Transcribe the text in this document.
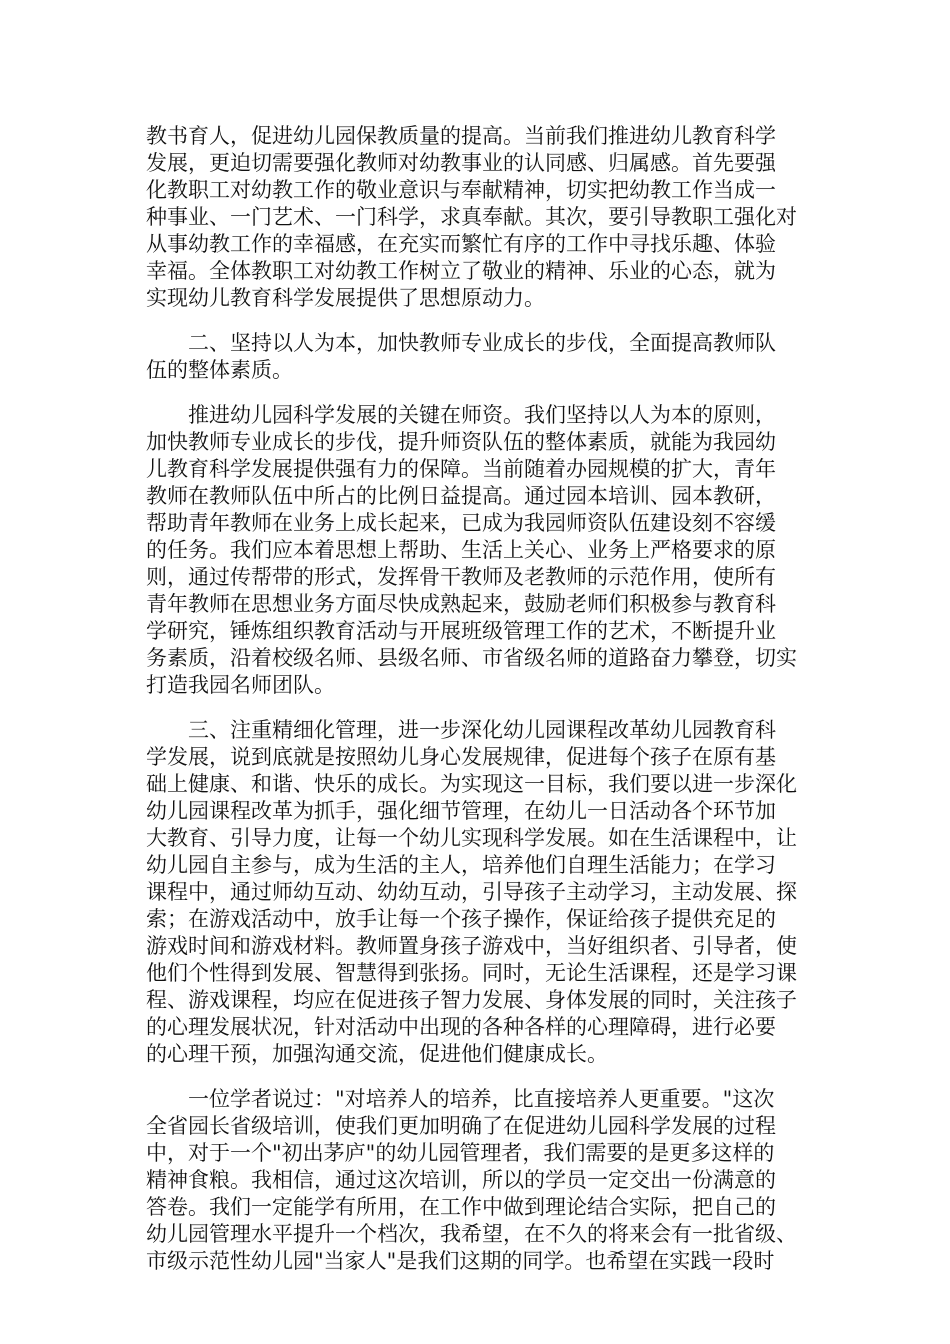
教书育人，促进幼儿园保教质量的提高。当前我们推进幼儿教育科学
发展，更迫切需要强化教师对幼教事业的认同感、归属感。首先要强
化教职工对幼教工作的敬业意识与奉献精神，切实把幼教工作当成一
种事业、一门艺术、一门科学，求真奉献。其次，要引导教职工强化对
从事幼教工作的幸福感，在充实而繁忙有序的工作中寻找乐趣、体验
幸福。全体教职工对幼教工作树立了敬业的精神、乐业的心态，就为
实现幼儿教育科学发展提供了思想原动力。
二、坚持以人为本，加快教师专业成长的步伐，全面提高教师队
伍的整体素质。
推进幼儿园科学发展的关键在师资。我们坚持以人为本的原则，
加快教师专业成长的步伐，提升师资队伍的整体素质，就能为我园幼
儿教育科学发展提供强有力的保障。当前随着办园规模的扩大，青年
教师在教师队伍中所占的比例日益提高。通过园本培训、园本教研，
帮助青年教师在业务上成长起来，已成为我园师资队伍建设刻不容缓
的任务。我们应本着思想上帮助、生活上关心、业务上严格要求的原
则，通过传帮带的形式，发挥骨干教师及老教师的示范作用，使所有
青年教师在思想业务方面尽快成熟起来，鼓励老师们积极参与教育科
学研究，锤炼组织教育活动与开展班级管理工作的艺术，不断提升业
务素质，沿着校级名师、县级名师、市省级名师的道路奋力攀登，切实
打造我园名师团队。
三、注重精细化管理，进一步深化幼儿园课程改革幼儿园教育科
学发展，说到底就是按照幼儿身心发展规律，促进每个孩子在原有基
础上健康、和谐、快乐的成长。为实现这一目标，我们要以进一步深化
幼儿园课程改革为抓手，强化细节管理，在幼儿一日活动各个环节加
大教育、引导力度，让每一个幼儿实现科学发展。如在生活课程中，让
幼儿园自主参与，成为生活的主人，培养他们自理生活能力；在学习
课程中，通过师幼互动、幼幼互动，引导孩子主动学习，主动发展、探
索；在游戏活动中，放手让每一个孩子操作，保证给孩子提供充足的
游戏时间和游戏材料。教师置身孩子游戏中，当好组织者、引导者，使
他们个性得到发展、智慧得到张扬。同时，无论生活课程，还是学习课
程、游戏课程，均应在促进孩子智力发展、身体发展的同时，关注孩子
的心理发展状况，针对活动中出现的各种各样的心理障碍，进行必要
的心理干预，加强沟通交流，促进他们健康成长。
一位学者说过："对培养人的培养，比直接培养人更重要。"这次
全省园长省级培训，使我们更加明确了在促进幼儿园科学发展的过程
中，对于一个"初出茅庐"的幼儿园管理者，我们需要的是更多这样的
精神食粮。我相信，通过这次培训，所以的学员一定交出一份满意的
答卷。我们一定能学有所用，在工作中做到理论结合实际，把自己的
幼儿园管理水平提升一个档次，我希望，在不久的将来会有一批省级、
市级示范性幼儿园"当家人"是我们这期的同学。也希望在实践一段时
